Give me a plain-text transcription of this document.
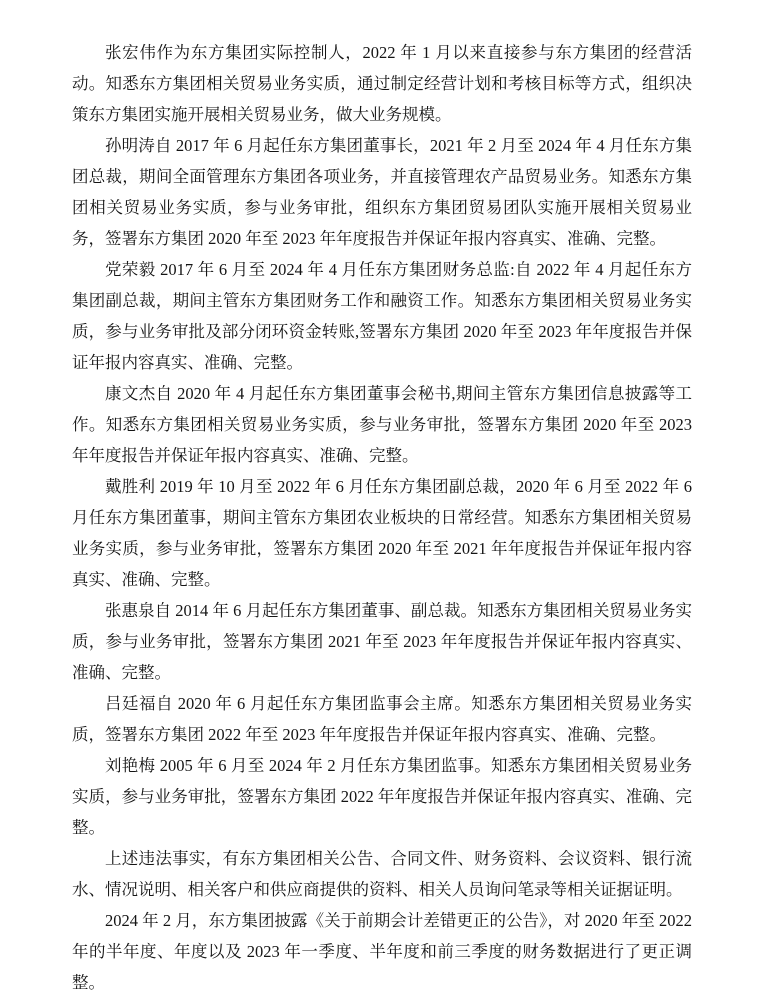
张宏伟作为东方集团实际控制人，2022 年 1 月以来直接参与东方集团的经营活动。知悉东方集团相关贸易业务实质，通过制定经营计划和考核目标等方式，组织决策东方集团实施开展相关贸易业务，做大业务规模。

孙明涛自 2017 年 6 月起任东方集团董事长，2021 年 2 月至 2024 年 4 月任东方集团总裁，期间全面管理东方集团各项业务，并直接管理农产品贸易业务。知悉东方集团相关贸易业务实质，参与业务审批，组织东方集团贸易团队实施开展相关贸易业务，签署东方集团 2020 年至 2023 年年度报告并保证年报内容真实、准确、完整。

党荣毅 2017 年 6 月至 2024 年 4 月任东方集团财务总监:自 2022 年 4 月起任东方集团副总裁，期间主管东方集团财务工作和融资工作。知悉东方集团相关贸易业务实质，参与业务审批及部分闭环资金转账,签署东方集团 2020 年至 2023 年年度报告并保证年报内容真实、准确、完整。

康文杰自 2020 年 4 月起任东方集团董事会秘书,期间主管东方集团信息披露等工作。知悉东方集团相关贸易业务实质，参与业务审批，签署东方集团 2020 年至 2023 年年度报告并保证年报内容真实、准确、完整。

戴胜利 2019 年 10 月至 2022 年 6 月任东方集团副总裁，2020 年 6 月至 2022 年 6 月任东方集团董事，期间主管东方集团农业板块的日常经营。知悉东方集团相关贸易业务实质，参与业务审批，签署东方集团 2020 年至 2021 年年度报告并保证年报内容真实、准确、完整。

张惠泉自 2014 年 6 月起任东方集团董事、副总裁。知悉东方集团相关贸易业务实质，参与业务审批，签署东方集团 2021 年至 2023 年年度报告并保证年报内容真实、准确、完整。

吕廷福自 2020 年 6 月起任东方集团监事会主席。知悉东方集团相关贸易业务实质，签署东方集团 2022 年至 2023 年年度报告并保证年报内容真实、准确、完整。

刘艳梅 2005 年 6 月至 2024 年 2 月任东方集团监事。知悉东方集团相关贸易业务实质，参与业务审批，签署东方集团 2022 年年度报告并保证年报内容真实、准确、完整。

上述违法事实，有东方集团相关公告、合同文件、财务资料、会议资料、银行流水、情况说明、相关客户和供应商提供的资料、相关人员询问笔录等相关证据证明。

2024 年 2 月，东方集团披露《关于前期会计差错更正的公告》，对 2020 年至 2022 年的半年度、年度以及 2023 年一季度、半年度和前三季度的财务数据进行了更正调整。
